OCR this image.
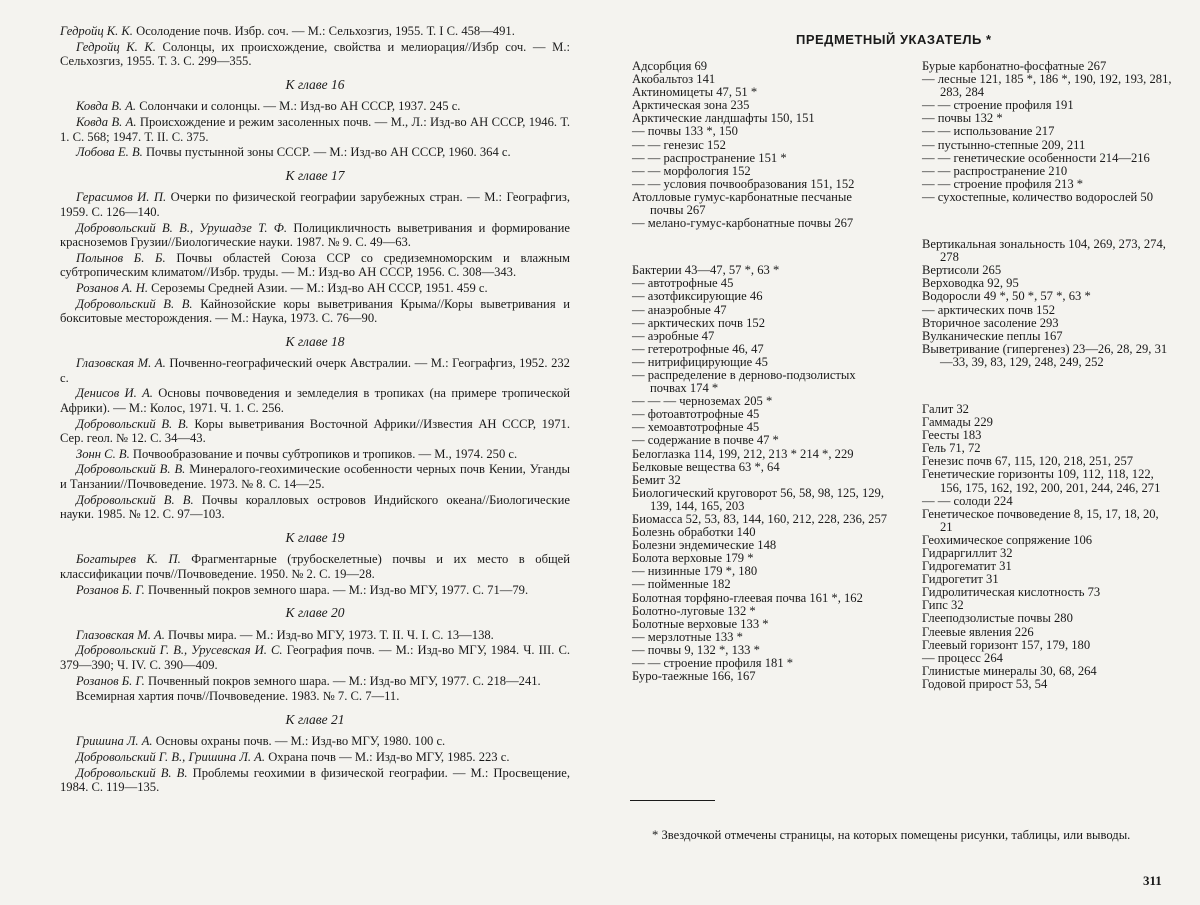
Гедройц К. К. Осолодение почв. Избр. соч. — М.: Сельхозгиз, 1955. Т. I С. 458—491.

Гедройц К. К. Солонцы, их происхождение, свойства и мелиорация//Избр соч. — М.: Сельхозгиз, 1955. Т. 3. С. 299—355.

К главе 16

Ковда В. А. Солончаки и солонцы. — М.: Изд-во АН СССР, 1937. 245 с.

Ковда В. А. Происхождение и режим засоленных почв. — М., Л.: Изд-во АН СССР, 1946. Т. 1. С. 568; 1947. Т. II. С. 375.

Лобова Е. В. Почвы пустынной зоны СССР. — М.: Изд-во АН СССР, 1960. 364 с.

К главе 17

Герасимов И. П. Очерки по физической географии зарубежных стран. — М.: Географгиз, 1959. С. 126—140.

Добровольский В. В., Урушадзе Т. Ф. Полицикличность выветривания и формирование красноземов Грузии//Биологические науки. 1987. № 9. С. 49—63.

Полынов Б. Б. Почвы областей Союза ССР со средиземноморским и влажным субтропическим климатом//Избр. труды. — М.: Изд-во АН СССР, 1956. С. 308—343.

Розанов А. Н. Сероземы Средней Азии. — М.: Изд-во АН СССР, 1951. 459 с.

Добровольский В. В. Кайнозойские коры выветривания Крыма//Коры выветривания и бокситовые месторождения. — М.: Наука, 1973. С. 76—90.

К главе 18

Глазовская М. А. Почвенно-географический очерк Австралии. — М.: Географгиз, 1952. 232 с.

Денисов И. А. Основы почвоведения и земледелия в тропиках (на примере тропической Африки). — М.: Колос, 1971. Ч. 1. С. 256.

Добровольский В. В. Коры выветривания Восточной Африки//Известия АН СССР, 1971. Сер. геол. № 12. С. 34—43.

Зонн С. В. Почвообразование и почвы субтропиков и тропиков. — М., 1974. 250 с.

Добровольский В. В. Минералого-геохимические особенности черных почв Кении, Уганды и Танзании//Почвоведение. 1973. № 8. С. 14—25.

Добровольский В. В. Почвы коралловых островов Индийского океана//Биологические науки. 1985. № 12. С. 97—103.

К главе 19

Богатырев К. П. Фрагментарные (трубоскелетные) почвы и их место в общей классификации почв//Почвоведение. 1950. № 2. С. 19—28.

Розанов Б. Г. Почвенный покров земного шара. — М.: Изд-во МГУ, 1977. С. 71—79.

К главе 20

Глазовская М. А. Почвы мира. — М.: Изд-во МГУ, 1973. Т. II. Ч. I. С. 13—138.

Добровольский Г. В., Урусевская И. С. География почв. — М.: Изд-во МГУ, 1984. Ч. III. С. 379—390; Ч. IV. С. 390—409.

Розанов Б. Г. Почвенный покров земного шара. — М.: Изд-во МГУ, 1977. С. 218—241.

Всемирная хартия почв//Почвоведение. 1983. № 7. С. 7—11.

К главе 21

Гришина Л. А. Основы охраны почв. — М.: Изд-во МГУ, 1980. 100 с.

Добровольский Г. В., Гришина Л. А. Охрана почв — М.: Изд-во МГУ, 1985. 223 с.

Добровольский В. В. Проблемы геохимии в физической географии. — М.: Просвещение, 1984. С. 119—135.

ПРЕДМЕТНЫЙ УКАЗАТЕЛЬ *
Адсорбция 69
Акобальтоз 141
Актиномицеты 47, 51 *
Арктическая зона 235
Арктические ландшафты 150, 151
— почвы 133 *, 150
— — генезис 152
— — распространение 151 *
— — морфология 152
— — условия почвообразования 151, 152
Атолловые гумус-карбонатные песчаные почвы 267
— мелано-гумус-карбонатные почвы 267
Бактерии 43—47, 57 *, 63 *
— автотрофные 45
— азотфиксирующие 46
— анаэробные 47
— арктических почв 152
— аэробные 47
— гетеротрофные 46, 47
— нитрифицирующие 45
— распределение в дерново-подзолистых почвах 174 *
— — — черноземах 205 *
— фотоавтотрофные 45
— хемоавтотрофные 45
— содержание в почве 47 *
Белоглазка 114, 199, 212, 213 * 214 *, 229
Белковые вещества 63 *, 64
Бемит 32
Биологический круговорот 56, 58, 98, 125, 129, 139, 144, 165, 203
Биомасса 52, 53, 83, 144, 160, 212, 228, 236, 257
Болезнь обработки 140
Болезни эндемические 148
Болота верховые 179 *
— низинные 179 *, 180
— пойменные 182
Болотная торфяно-глеевая почва 161 *, 162
Болотно-луговые 132 *
Болотные верховые 133 *
— мерзлотные 133 *
— почвы 9, 132 *, 133 *
— — строение профиля 181 *
Буро-таежные 166, 167
Бурые карбонатно-фосфатные 267
— лесные 121, 185 *, 186 *, 190, 192, 193, 281, 283, 284
— — строение профиля 191
— почвы 132 *
— — использование 217
— пустынно-степные 209, 211
— — генетические особенности 214—216
— — распространение 210
— — строение профиля 213 *
— сухостепные, количество водорослей 50
Вертикальная зональность 104, 269, 273, 274, 278
Вертисоли 265
Верховодка 92, 95
Водоросли 49 *, 50 *, 57 *, 63 *
— арктических почв 152
Вторичное засоление 293
Вулканические пеплы 167
Выветривание (гипергенез) 23—26, 28, 29, 31—33, 39, 83, 129, 248, 249, 252
Галит 32
Гаммады 229
Геесты 183
Гель 71, 72
Генезис почв 67, 115, 120, 218, 251, 257
Генетические горизонты 109, 112, 118, 122, 156, 175, 162, 192, 200, 201, 244, 246, 271
— — солоди 224
Генетическое почвоведение 8, 15, 17, 18, 20, 21
Геохимическое сопряжение 106
Гидраргиллит 32
Гидрогематит 31
Гидрогетит 31
Гидролитическая кислотность 73
Гипс 32
Глееподзолистые почвы 280
Глеевые явления 226
Глеевый горизонт 157, 179, 180
— процесс 264
Глинистые минералы 30, 68, 264
Годовой прирост 53, 54
* Звездочкой отмечены страницы, на которых помещены рисунки, таблицы, или выводы.
311
